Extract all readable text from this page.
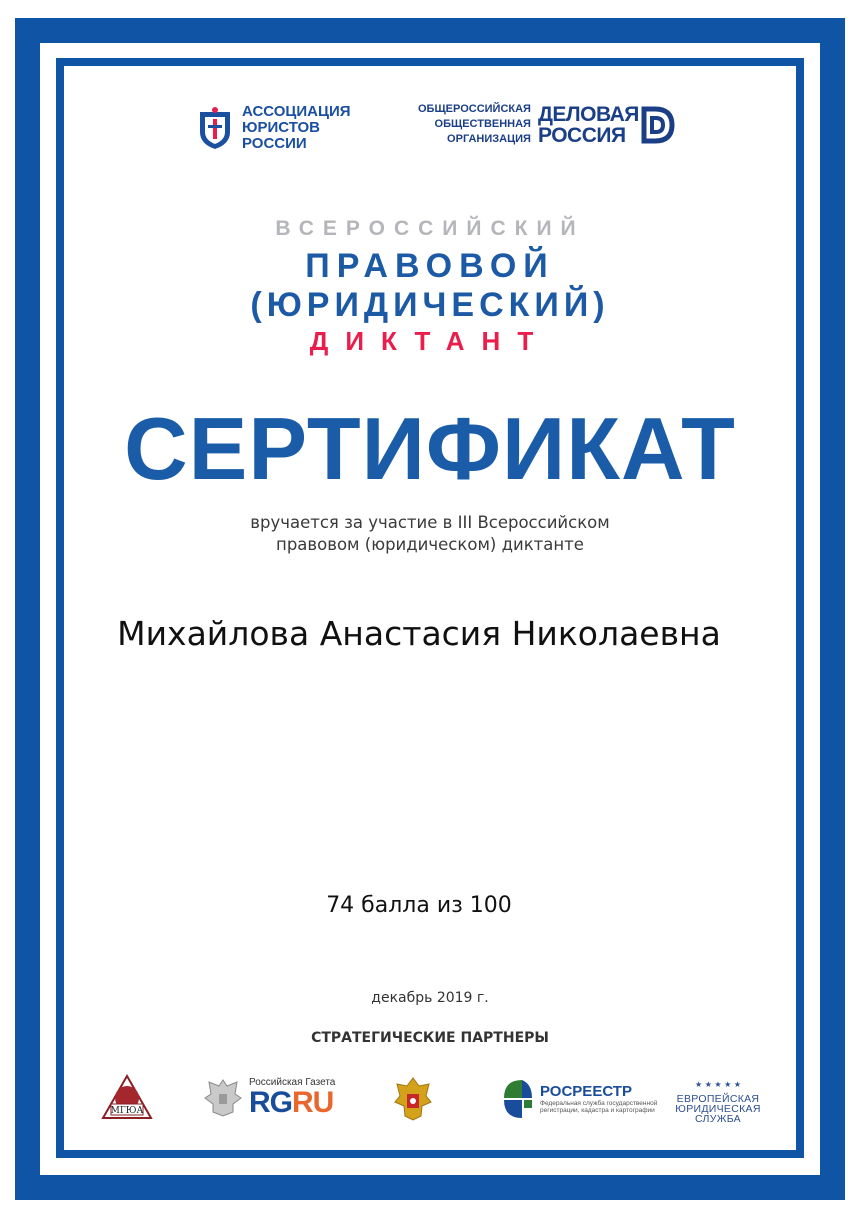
АССОЦИАЦИЯ
ЮРИСТОВ
РОССИИ
ОБЩЕРОССИЙСКАЯ
ОБЩЕСТВЕННАЯ
ОРГАНИЗАЦИЯ
ДЕЛОВАЯ
РОССИЯ
ВСЕРОССИЙСКИЙ
ПРАВОВОЙ
(ЮРИДИЧЕСКИЙ)
ДИКТАНТ
СЕРТИФИКАТ
вручается за участие в III Всероссийском
правовом (юридическом) диктанте
Михайлова Анастасия Николаевна
74 балла из 100
декабрь 2019 г.
СТРАТЕГИЧЕСКИЕ ПАРТНЕРЫ
МГЮА
Российская Газета
RGRU	РОСРЕЕСТР
Федеральная служба государственной регистрации, кадастра и картографии
★ ★ ★ ★ ★
ЕВРОПЕЙСКАЯ
ЮРИДИЧЕСКАЯ
СЛУЖБА
